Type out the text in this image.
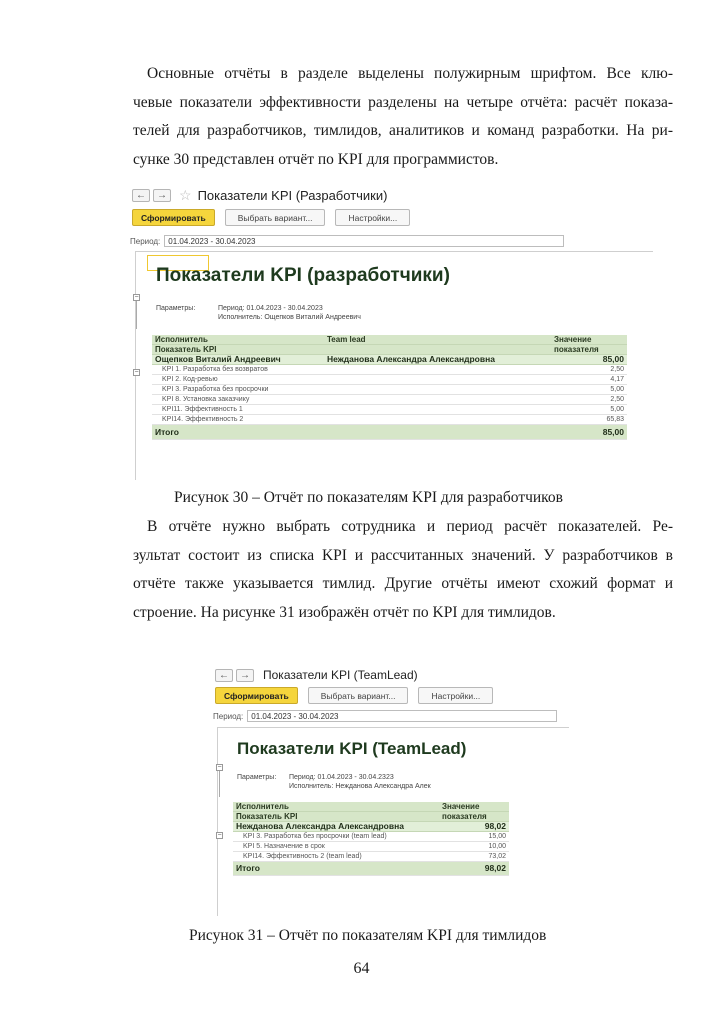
Основные отчёты в разделе выделены полужирным шрифтом. Все клю-
чевые показатели эффективности разделены на четыре отчёта: расчёт показа-
телей для разработчиков, тимлидов, аналитиков и команд разработки. На ри-
сунке 30 представлен отчёт по KPI для программистов.
←	→ ☆ Показатели KPI (Разработчики)
Сформировать	Выбрать вариант...	Настройки...
Период:	01.04.2023 - 30.04.2023
−
Показатели KPI (разработчики)
Параметры:	Период: 01.04.2023 - 30.04.2023
Исполнитель: Ощепков Виталий Андреевич
−
Исполнитель	Team lead	Значение
Показатель KPI		показателя
Ощепков Виталий Андреевич	Нежданова Александра Александровна	85,00
KPI 1. Разработка без возвратов		2,50
KPI 2. Код-ревью		4,17
KPI 3. Разработка без просрочки		5,00
KPI 8. Установка заказчику		2,50
KPI11. Эффективность 1		5,00
KPI14. Эффективность 2		65,83
Итого		85,00
Рисунок 30 – Отчёт по показателям KPI для разработчиков
В отчёте нужно выбрать сотрудника и период расчёт показателей. Ре-
зультат состоит из списка KPI и рассчитанных значений. У разработчиков в
отчёте также указывается тимлид. Другие отчёты имеют схожий формат и
строение. На рисунке 31 изображён отчёт по KPI для тимлидов.
←	→	Показатели KPI (TeamLead)
Сформировать	Выбрать вариант...	Настройки...
Период:	01.04.2023 - 30.04.2023
−
Показатели KPI (TeamLead)
Параметры: Период: 01.04.2023 - 30.04.2323
Исполнитель: Нежданова Александра Алек
−
Исполнитель	Значение
Показатель KPI	показателя
Нежданова Александра Александровна	98,02
KPI 3. Разработка без просрочки (team lead)	15,00
KPI 5. Назначение в срок	10,00
KPI14. Эффективность 2 (team lead)	73,02
Итого	98,02
Рисунок 31 – Отчёт по показателям KPI для тимлидов
64
